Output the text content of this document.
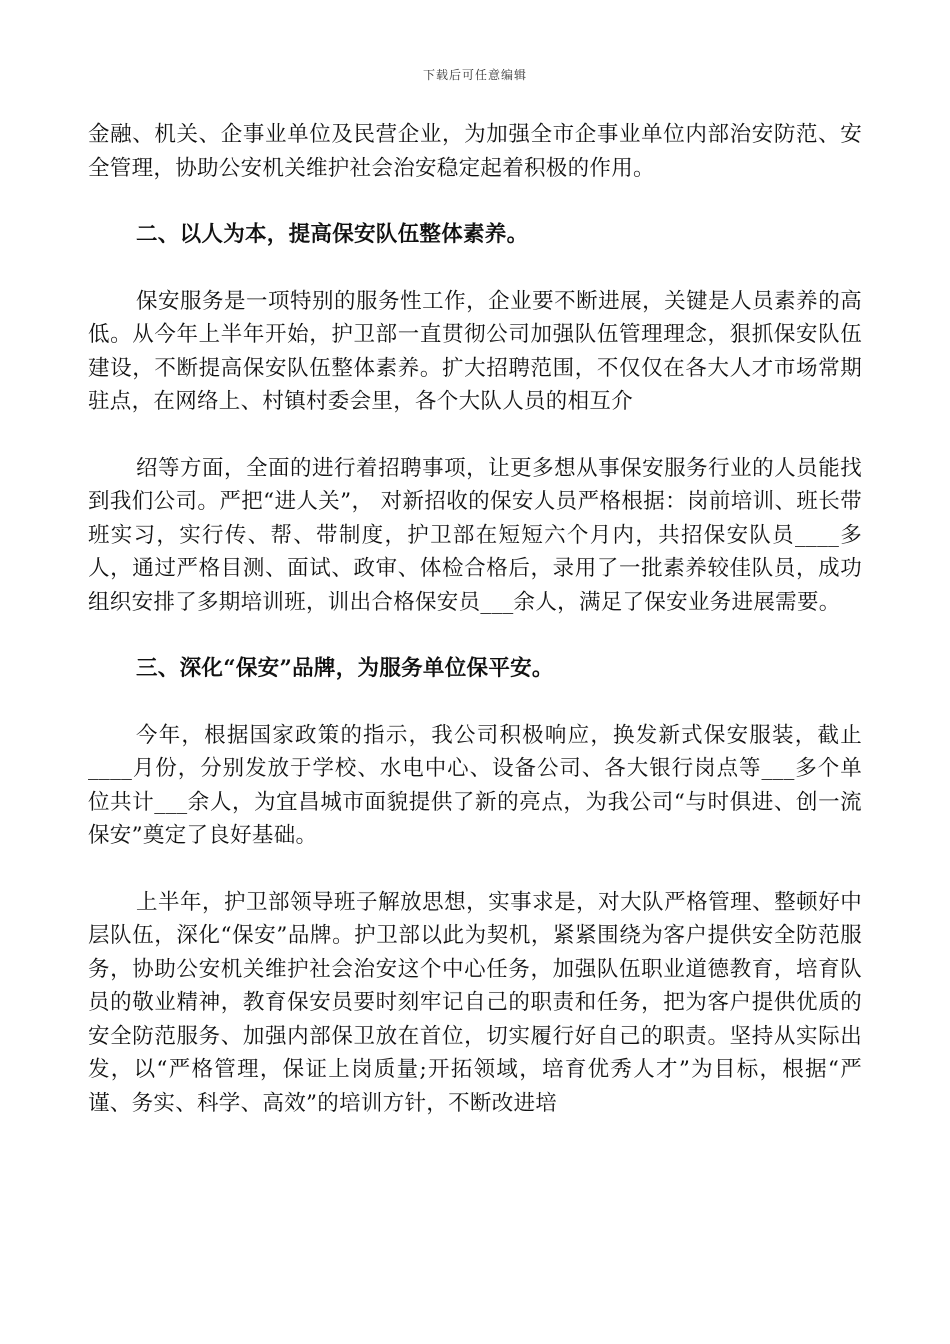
下载后可任意编辑

金融、机关、企事业单位及民营企业，为加强全市企事业单位内部治安防范、安全管理，协助公安机关维护社会治安稳定起着积极的作用。

二、以人为本，提高保安队伍整体素养。

保安服务是一项特别的服务性工作，企业要不断进展，关键是人员素养的高低。从今年上半年开始，护卫部一直贯彻公司加强队伍管理理念，狠抓保安队伍建设，不断提高保安队伍整体素养。扩大招聘范围，不仅仅在各大人才市场常期驻点，在网络上、村镇村委会里，各个大队人员的相互介

绍等方面，全面的进行着招聘事项，让更多想从事保安服务行业的人员能找到我们公司。严把“进人关”， 对新招收的保安人员严格根据：岗前培训、班长带班实习，实行传、帮、带制度，护卫部在短短六个月内，共招保安队员____多人，通过严格目测、面试、政审、体检合格后，录用了一批素养较佳队员，成功组织安排了多期培训班，训出合格保安员___余人，满足了保安业务进展需要。

三、深化“保安”品牌，为服务单位保平安。

今年，根据国家政策的指示，我公司积极响应，换发新式保安服装，截止____月份，分别发放于学校、水电中心、设备公司、各大银行岗点等___多个单位共计___余人，为宜昌城市面貌提供了新的亮点，为我公司“与时俱进、创一流保安”奠定了良好基础。

上半年，护卫部领导班子解放思想，实事求是，对大队严格管理、整顿好中层队伍，深化“保安”品牌。护卫部以此为契机，紧紧围绕为客户提供安全防范服务，协助公安机关维护社会治安这个中心任务，加强队伍职业道德教育，培育队员的敬业精神，教育保安员要时刻牢记自己的职责和任务，把为客户提供优质的安全防范服务、加强内部保卫放在首位，切实履行好自己的职责。坚持从实际出发，以“严格管理，保证上岗质量;开拓领域，培育优秀人才”为目标，根据“严谨、务实、科学、高效”的培训方针，不断改进培
